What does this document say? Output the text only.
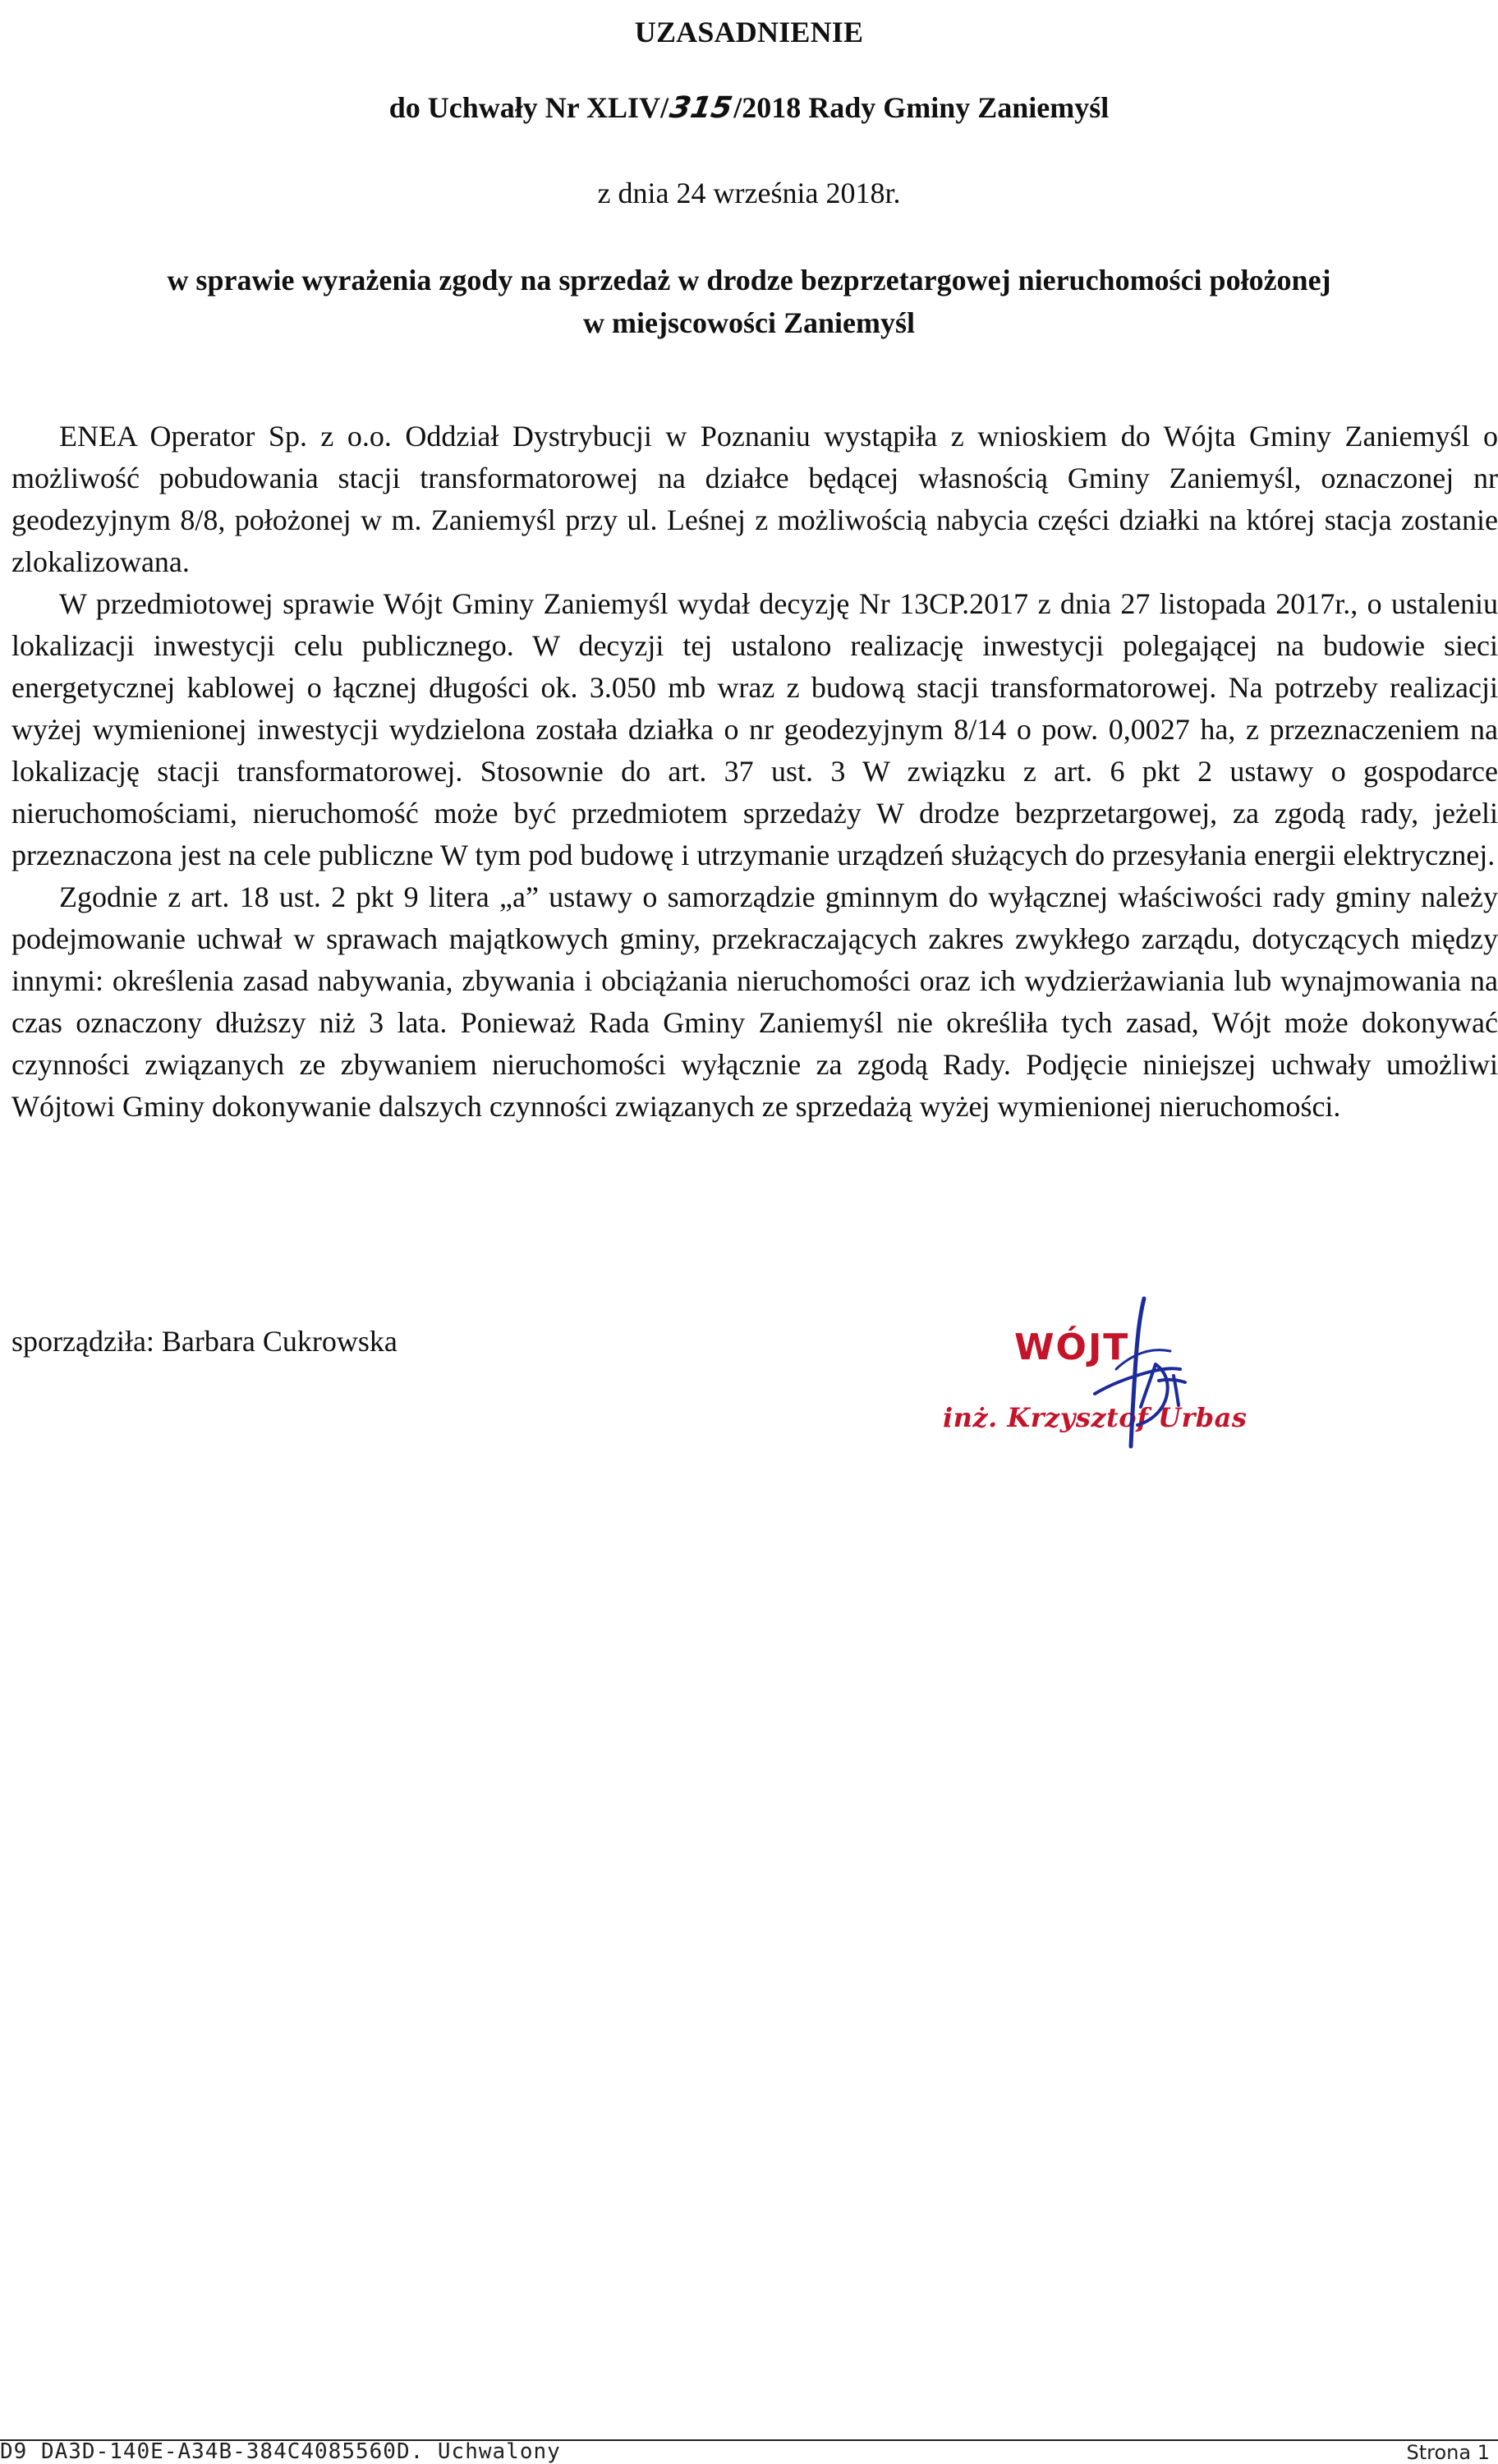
UZASADNIENIE
do Uchwały Nr XLIV/315/2018 Rady Gminy Zaniemyśl
z dnia 24 września 2018r.
w sprawie wyrażenia zgody na sprzedaż w drodze bezprzetargowej nieruchomości położonej
w miejscowości Zaniemyśl

ENEA Operator Sp. z o.o. Oddział Dystrybucji w Poznaniu wystąpiła z wnioskiem do Wójta Gminy Zaniemyśl o możliwość pobudowania stacji transformatorowej na działce będącej własnością Gminy Zaniemyśl, oznaczonej nr geodezyjnym 8/8, położonej w m. Zaniemyśl przy ul. Leśnej z możliwością nabycia części działki na której stacja zostanie zlokalizowana.

W przedmiotowej sprawie Wójt Gminy Zaniemyśl wydał decyzję Nr 13CP.2017 z dnia 27 listopada 2017r., o ustaleniu lokalizacji inwestycji celu publicznego. W decyzji tej ustalono realizację inwestycji polegającej na budowie sieci energetycznej kablowej o łącznej długości ok. 3.050 mb wraz z budową stacji transformatorowej. Na potrzeby realizacji wyżej wymienionej inwestycji wydzielona została działka o nr geodezyjnym 8/14 o pow. 0,0027 ha, z przeznaczeniem na lokalizację stacji transformatorowej. Stosownie do art. 37 ust. 3 W związku z art. 6 pkt 2 ustawy o gospodarce nieruchomościami, nieruchomość może być przedmiotem sprzedaży W drodze bezprzetargowej, za zgodą rady, jeżeli przeznaczona jest na cele publiczne W tym pod budowę i utrzymanie urządzeń służących do przesyłania energii elektrycznej.

Zgodnie z art. 18 ust. 2 pkt 9 litera „a” ustawy o samorządzie gminnym do wyłącznej właściwości rady gminy należy podejmowanie uchwał w sprawach majątkowych gminy, przekraczających zakres zwykłego zarządu, dotyczących między innymi: określenia zasad nabywania, zbywania i obciążania nieruchomości oraz ich wydzierżawiania lub wynajmowania na czas oznaczony dłuższy niż 3 lata. Ponieważ Rada Gminy Zaniemyśl nie określiła tych zasad, Wójt może dokonywać czynności związanych ze zbywaniem nieruchomości wyłącznie za zgodą Rady. Podjęcie niniejszej uchwały umożliwi Wójtowi Gminy dokonywanie dalszych czynności związanych ze sprzedażą wyżej wymienionej nieruchomości.

sporządziła: Barbara Cukrowska	WÓJT
inż. Krzysztof Urbas
D9 DA3D-140E-A34B-384C4085560D. Uchwalony	Strona 1
